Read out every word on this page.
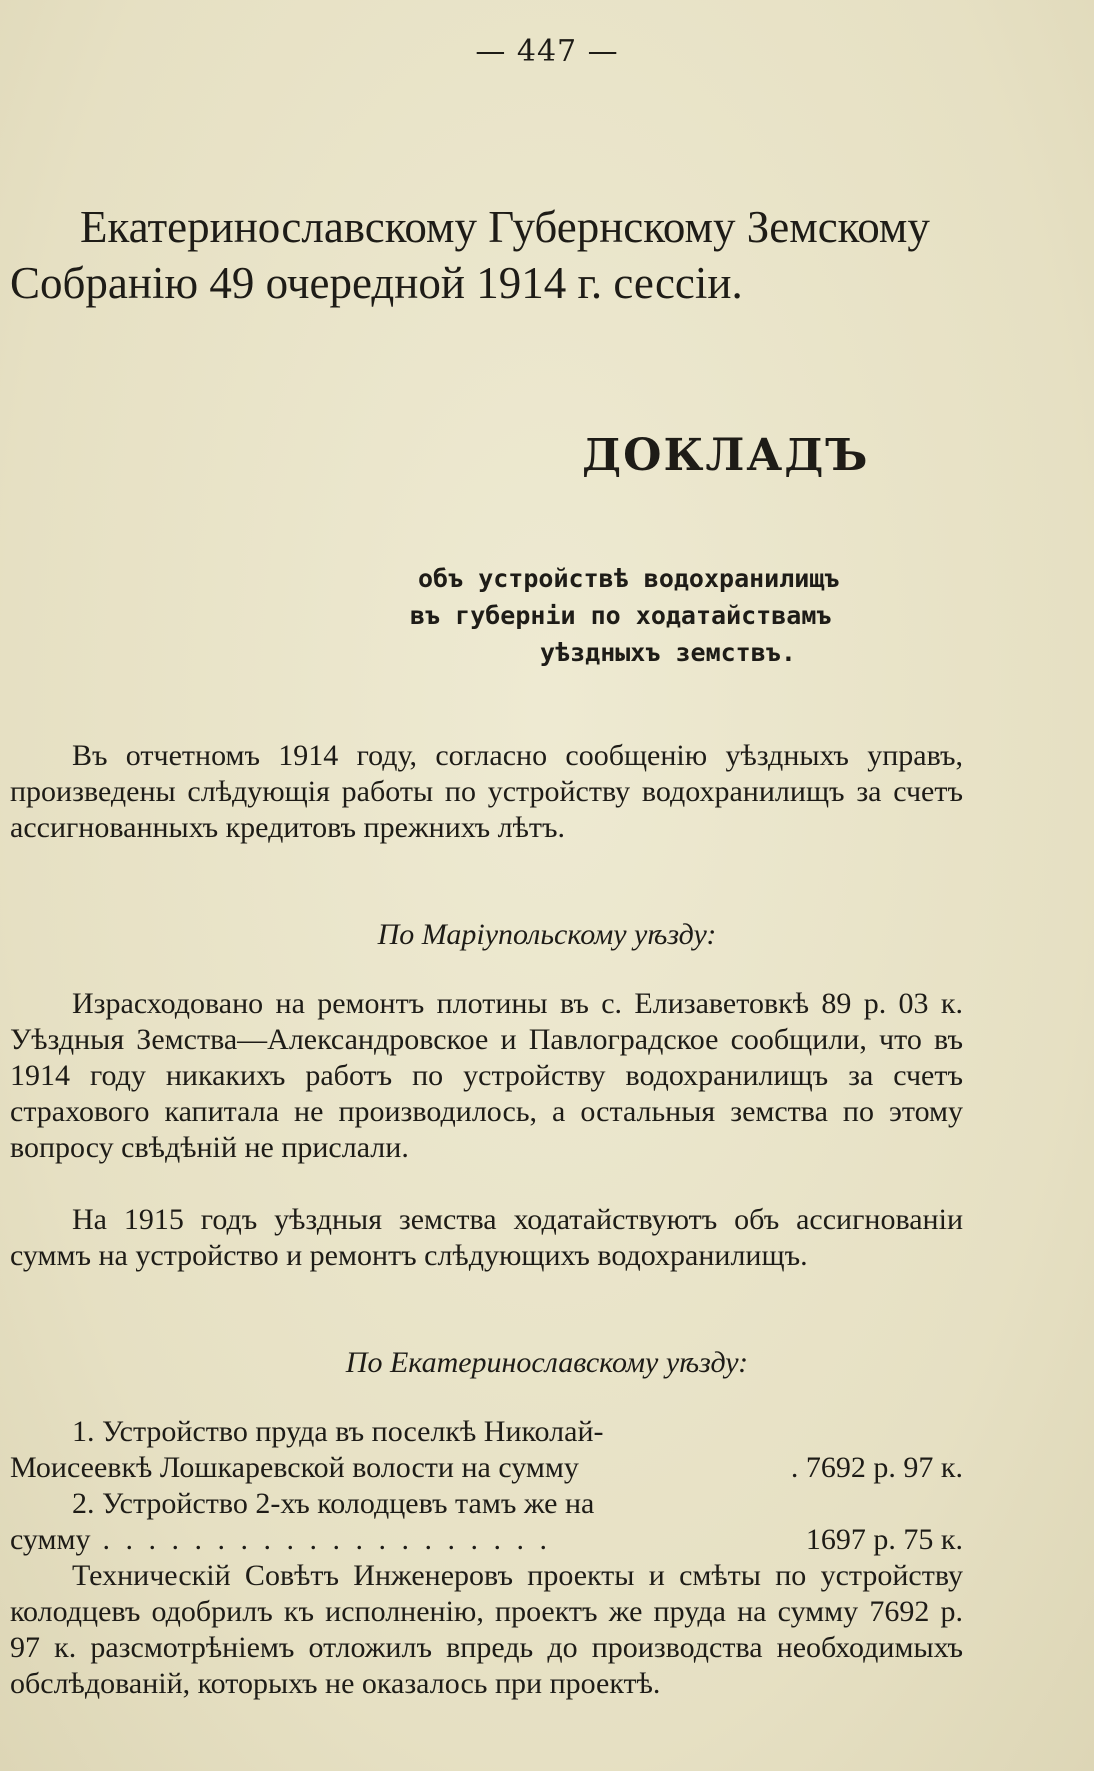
— 447 —
Екатеринославскому Губернскому Земскому
Собранію 49 очередной 1914 г. сессіи.
ДОКЛАДЪ
объ устройствѣ водохранилищъ
въ губерніи по ходатайствамъ
уѣздныхъ земствъ.

Въ отчетномъ 1914 году, согласно сообщенію уѣздныхъ управъ, произведены слѣдующія работы по устройству водохранилищъ за счетъ ассигнованныхъ кредитовъ прежнихъ лѣтъ.

По Маріупольскому уѣзду:

Израсходовано на ремонтъ плотины въ с. Елизаветовкѣ 89 р. 03 к. Уѣздныя Земства—Александровское и Павлоградское сообщили, что въ 1914 году никакихъ работъ по устройству водохранилищъ за счетъ страхового капитала не производилось, а остальныя земства по этому вопросу свѣдѣній не прислали.

На 1915 годъ уѣздныя земства ходатайствуютъ объ ассигнованіи суммъ на устройство и ремонтъ слѣдующихъ водохранилищъ.

По Екатеринославскому уѣзду:

1. Устройство пруда въ поселкѣ Николай-
Моисеевкѣ Лошкаревской волости на сумму	. 7692 р. 97 к.
2. Устройство 2-хъ колодцевъ тамъ же на
сумму . . . . . . . . . . . . . . . . . . . .	1697 р. 75 к.

Техническій Совѣтъ Инженеровъ проекты и смѣты по устройству колодцевъ одобрилъ къ исполненію, проектъ же пруда на сумму 7692 р. 97 к. разсмотрѣніемъ отложилъ впредь до производства необходимыхъ обслѣдованій, которыхъ не оказалось при проектѣ.
